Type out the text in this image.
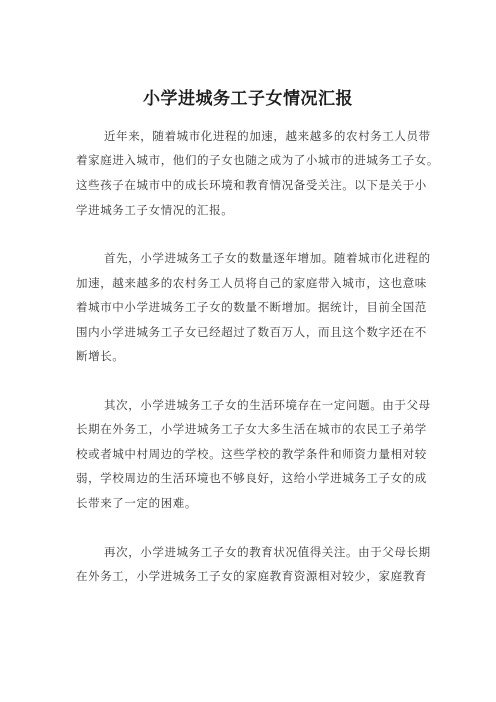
小学进城务工子女情况汇报
近年来，随着城市化进程的加速，越来越多的农村务工人员带
着家庭进入城市，他们的子女也随之成为了小城市的进城务工子女。
这些孩子在城市中的成长环境和教育情况备受关注。以下是关于小
学进城务工子女情况的汇报。
首先，小学进城务工子女的数量逐年增加。随着城市化进程的
加速，越来越多的农村务工人员将自己的家庭带入城市，这也意味
着城市中小学进城务工子女的数量不断增加。据统计，目前全国范
围内小学进城务工子女已经超过了数百万人，而且这个数字还在不
断增长。
其次，小学进城务工子女的生活环境存在一定问题。由于父母
长期在外务工，小学进城务工子女大多生活在城市的农民工子弟学
校或者城中村周边的学校。这些学校的教学条件和师资力量相对较
弱，学校周边的生活环境也不够良好，这给小学进城务工子女的成
长带来了一定的困难。
再次，小学进城务工子女的教育状况值得关注。由于父母长期
在外务工，小学进城务工子女的家庭教育资源相对较少，家庭教育
